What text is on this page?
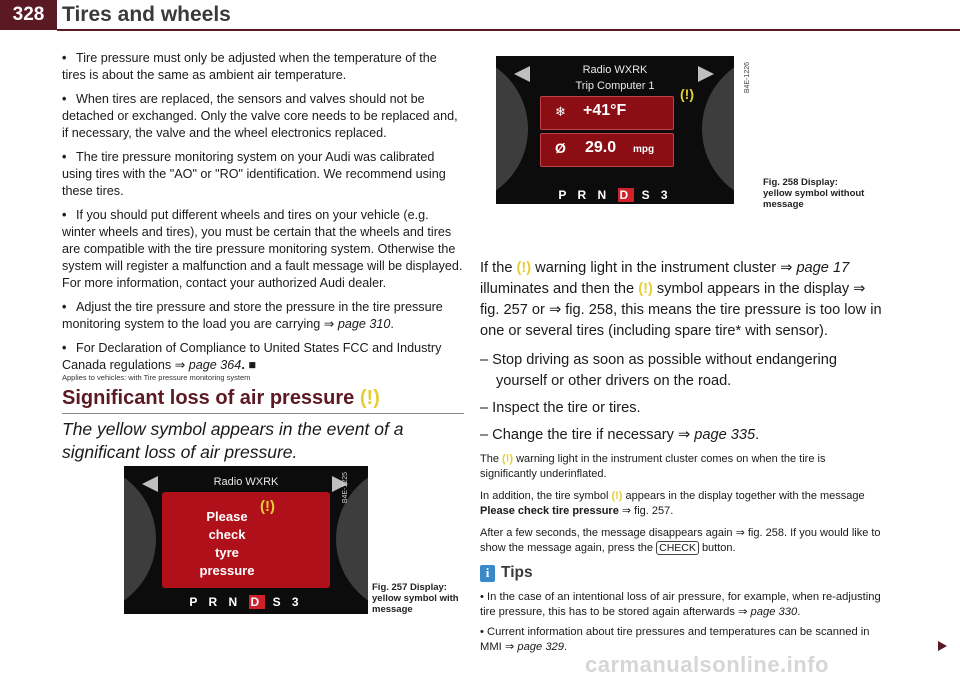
328 Tires and wheels

• Tire pressure must only be adjusted when the temperature of the tires is about the same as ambient air temperature.

• When tires are replaced, the sensors and valves should not be detached or exchanged. Only the valve core needs to be replaced and, if necessary, the valve and the wheel electronics replaced.

• The tire pressure monitoring system on your Audi was calibrated using tires with the "AO" or "RO" identification. We recommend using these tires.

• If you should put different wheels and tires on your vehicle (e.g. winter wheels and tires), you must be certain that the wheels and tires are compatible with the tire pressure monitoring system. Otherwise the system will register a malfunction and a fault message will be displayed. For more information, contact your authorized Audi dealer.

• Adjust the tire pressure and store the pressure in the tire pressure monitoring system to the load you are carrying ⇒ page 310.

• For Declaration of Compliance to United States FCC and Industry Canada regulations ⇒ page 364. ■

Applies to vehicles: with Tire pressure monitoring system
Significant loss of air pressure (!)
The yellow symbol appears in the event of a significant loss of air pressure.
Radio WXRK
(!)
Please
check
tyre
pressure
P R N D S 3
B4E-1225
Fig. 257 Display:
yellow symbol with
message
Radio WXRK
Trip Computer 1	(!)
❄ +41°F
Ø 29.0 mpg
P R N D S 3
B4E-1226
Fig. 258 Display:
yellow symbol without
message

If the (!) warning light in the instrument cluster ⇒ page 17 illuminates and then the (!) symbol appears in the display ⇒ fig. 257 or ⇒ fig. 258, this means the tire pressure is too low in one or several tires (including spare tire* with sensor).

– Stop driving as soon as possible without endangering yourself or other drivers on the road.

– Inspect the tire or tires.

– Change the tire if necessary ⇒ page 335.

The (!) warning light in the instrument cluster comes on when the tire is significantly underinflated.

In addition, the tire symbol (!) appears in the display together with the message Please check tire pressure ⇒ fig. 257.

After a few seconds, the message disappears again ⇒ fig. 258. If you would like to show the message again, press the CHECK button.

i Tips

• In the case of an intentional loss of air pressure, for example, when re-adjusting tire pressure, this has to be stored again afterwards ⇒ page 330.

• Current information about tire pressures and temperatures can be scanned in MMI ⇒ page 329.

carmanualsonline.info
